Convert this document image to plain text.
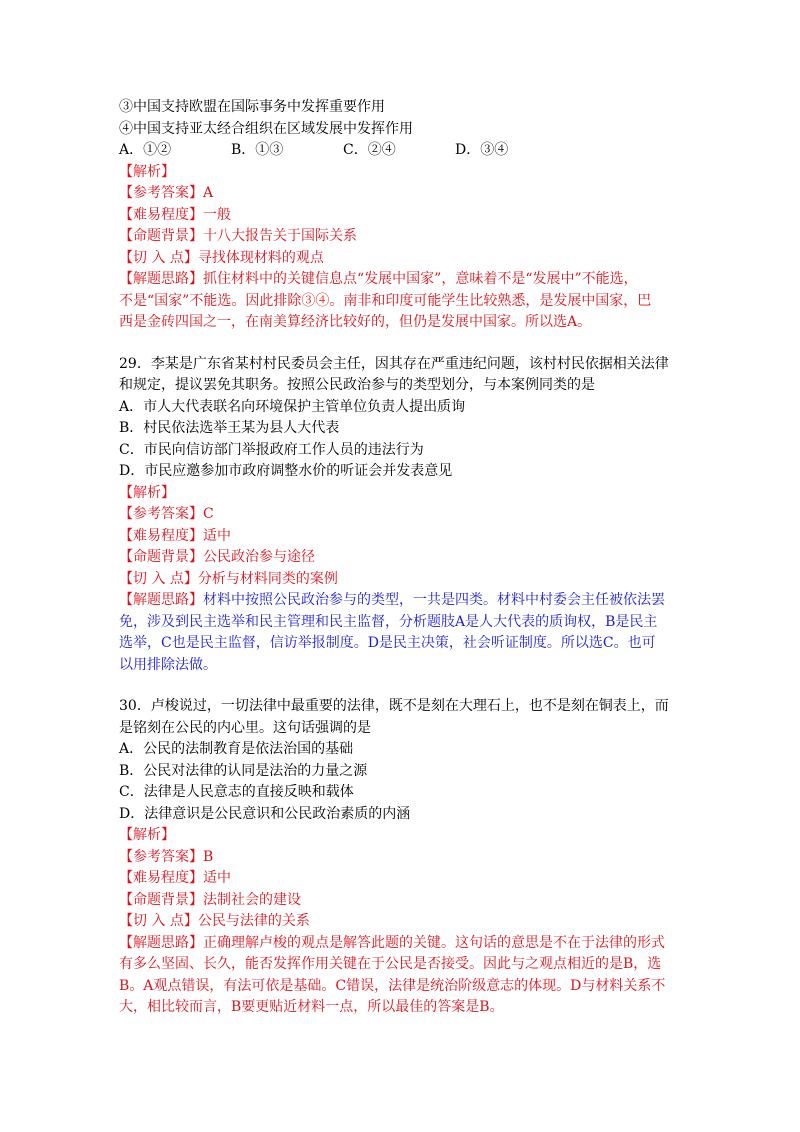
③中国支持欧盟在国际事务中发挥重要作用
④中国支持亚太经合组织在区域发展中发挥作用
A．①②	B．①③	C．②④	D．③④
【解析】
【参考答案】A
【难易程度】一般
【命题背景】十八大报告关于国际关系
【切 入 点】寻找体现材料的观点
【解题思路】抓住材料中的关键信息点“发展中国家”，意味着不是“发展中”不能选，
不是“国家”不能选。因此排除③④。南非和印度可能学生比较熟悉，是发展中国家，巴
西是金砖四国之一，在南美算经济比较好的，但仍是发展中国家。所以选A。
29．李某是广东省某村村民委员会主任，因其存在严重违纪问题，该村村民依据相关法律
和规定，提议罢免其职务。按照公民政治参与的类型划分，与本案例同类的是
A．市人大代表联名向环境保护主管单位负责人提出质询
B．村民依法选举王某为县人大代表
C．市民向信访部门举报政府工作人员的违法行为
D．市民应邀参加市政府调整水价的听证会并发表意见
【解析】
【参考答案】C
【难易程度】适中
【命题背景】公民政治参与途径
【切 入 点】分析与材料同类的案例
【解题思路】材料中按照公民政治参与的类型，一共是四类。材料中村委会主任被依法罢
免，涉及到民主选举和民主管理和民主监督，分析题肢A是人大代表的质询权，B是民主
选举，C也是民主监督，信访举报制度。D是民主决策，社会听证制度。所以选C。也可
以用排除法做。
30．卢梭说过，一切法律中最重要的法律，既不是刻在大理石上，也不是刻在铜表上，而
是铭刻在公民的内心里。这句话强调的是
A．公民的法制教育是依法治国的基础
B．公民对法律的认同是法治的力量之源
C．法律是人民意志的直接反映和载体
D．法律意识是公民意识和公民政治素质的内涵
【解析】
【参考答案】B
【难易程度】适中
【命题背景】法制社会的建设
【切 入 点】公民与法律的关系
【解题思路】正确理解卢梭的观点是解答此题的关键。这句话的意思是不在于法律的形式
有多么坚固、长久，能否发挥作用关键在于公民是否接受。因此与之观点相近的是B，选
B。A观点错误，有法可依是基础。C错误，法律是统治阶级意志的体现。D与材料关系不
大，相比较而言，B要更贴近材料一点，所以最佳的答案是B。
